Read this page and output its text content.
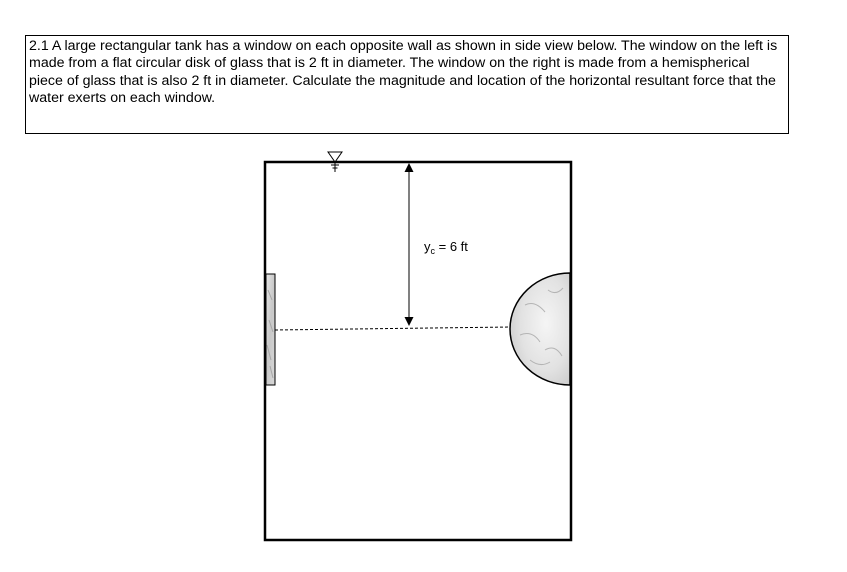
2.1 A large rectangular tank has a window on each opposite wall as shown in side view below. The window on the left is made from a flat circular disk of glass that is 2 ft in diameter. The window on the right is made from a hemispherical piece of glass that is also 2 ft in diameter. Calculate the magnitude and location of the horizontal resultant force that the water exerts on each window.
$y_c = 6$ ft
